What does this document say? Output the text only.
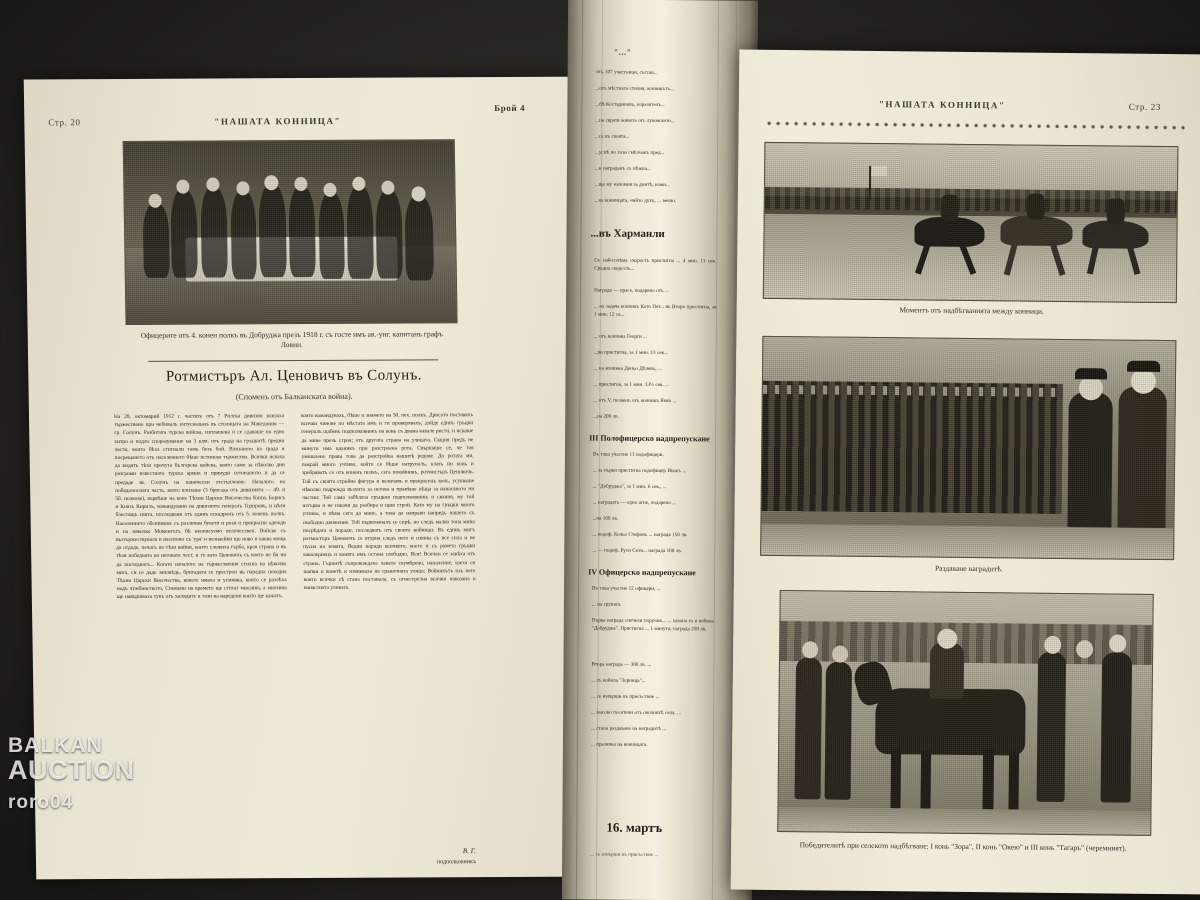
Стр. 20	"НАШАТА КОННИЦА"
Брой 4
Офицерите отъ 4. конен полкъ въ Добруджа презъ 1918 г. съ госте имъ ав.-унг. капитанъ графъ Ловин.
Ротмистъръ Ал. Ценовичъ въ Солунъ.
(Споменъ отъ Балканската война).
На 29. октомврий 1912 г. частите отъ 7 Рилска дивизия влизаха тържествено при небивалъ ентусиазъмъ въ столицата на Македония — гр. Солунъ. Разбитата турска войска, изплашена и се сдаваше по едно хитро и подло споразумение на 3 клм. отъ града на гръцкитѣ предни части, които бѣха стигнали тамъ безъ бой. Влизането на града и посрещането отъ населението бѣше истинско тържество. Всички искаха да видятъ тѣзи прочута българска войска, която само за нѣколко дни разгроми известната турска армия и принуди сетнешното и да се предаде въ Солунъ на панически отстъпление. Началото на победоносната часть, която влизаше (3 бригада отъ дивизията — 49. и 50. полкове), вървѣше на коне Тѣхни Царски Височества Князъ Борисъ и Князъ Кирилъ, командувани на дивизията генералъ Тодоровъ, и цѣли блестящъ свита, последвани отъ единъ ескадронъ отъ 5. коненъ полкъ. Населението обсипваше съ различни букети и рози и прекрасни одежди и на няколко Моментътъ бѣ неописуемо величествен. Войско съ възтържествувала и наситено съ 'ура' и незнаейки що ново и каква мощь да отдаде, печатъ на тѣзи войни, които сложиха гърба, края страна и въ тѣзи победната на неговата чест, и то като Ценовичъ съ която не би ни да погледнатъ... Когато началото на тържествения стихна на нѣколко мига, си се даде заповѣдь, бригадата се престрои въ парадна походна Тѣхни Царски Височества, конете имаха и усмивка, които се разлѣха подъ чужбинството, Спомени на времето ще стигат мнозина, а мнозина ще навършваха тукъ отъ хилядите и тази на наредени които ще кажатъ.
която командувахъ, бѣше и знамето на 50. пех. полкъ. Дрисото поставяхъ всички чинове по мѣстата имъ и ги проверявахъ; дойде единъ гръцки генералъ щабенъ подполковникъ на конь съ двама кавале ристи, и искаше да мине презъ строя; отъ другата страна на улицата. Скщия предъ не минути има вданикъ при разстроена рота. Свършаше се, че тоя умишлено прави това да разстройва нашитѣ редове. До ротата ми, покрай много учтиво, който се бѣше натрупалъ, клать ни конь и зробряватъ се отъ коненъ полкъ, сега покойникъ, ротмистъръ Ценовичъ. Той съ своята стройна фигура и величавъ и прекрасенъ конь, усукваше нѣколко подрежда възхита за негова и правѣше нѣща за нанасяното ни частни: Той само забѣляза гръцкия подполковникъ и сваиня, му той изтърва и не изкачи да разбира и щия строй. Като му на гръцки много учтиво, и нѣма сега да мине, а това да направи напредъ нашето съ свободно движение. Той първоначалъ се спрѣ, но следъ малко тона мина посрѣдата и поради, последвать отъ своите войници. Въ единъ мигъ ротмистъръ Ценовичъ се втурна следъ него и извика съ все сила и не пусна на земята, Ведни поради всичкото, което и съ рамета гръцки кавалериецъ и конята имъ остана свободно, Вси! Всички се завѣха отъ страна. Гърнитѣ съпровождаха ланета скумбрено, наиаление, взеха си шапки и конетѣ и извикваха на граничната улица; Войникътъ изъ него които всички сѣ стана постанала, съ огнестрелна всички наказана и нанастната уликата.
В. Г.
подполковникъ
"..."
отъ 107 участници, състав...
...отъ мѣстната стихия, конникътъ...
...бѣ Костадиновъ, изразителъ...
...на скратя живота отъ луковското...
...се въ своята...
...успѣ по този смѣлчакъ пред...
...и награденъ съ нѣжна...
...ще му напомня за днитѣ, изжи...
...на конницата, чийто духъ, ... вечно.
...въ Харманли
Съ най-голѣма скорость пристигна ... 4 мин. 11 сек. Средна скорость...
Награда — прасе, подарено отъ ...
... на задача конникъ Кото Пет... въ Второ пристигна, за 1 мин. 12 се...
... отъ конника Георги ...
...ри пристигна, за 1 мин. 13 сек...
... на конника Деньо Дѣлевъ; ...
... пристигна, за 1 мин. 13½ сек. ...
... отъ V, позвенъ отъ конникъ Янко ...
...на 200 лв.
III Полофицерско надпрепускане
Въ това участие 11 подофицери.
... за първи пристигна подофицер Иванъ ...
... "Добруджа", за 1 мин. 6 сек., ...
... наградата — едно агне, подарено ...
...на 100 лв.
... подоф. Кольо Стефовъ ... награда 150 лв.
... — подоф. Руси Соти... награда 100 лв.
IV Офицерско надпрепускане
Въ това участие 12 офицери, ...
... на групата.
Първа награда спечели поручик... ... хавана го и кобила "Добруджа". Пристигна ... 1 минута; награда 250 лв.
Втора награда — 300 лв. ...
... съ кобила "Зорница"...
... се извърши въ присъствие ...
... масово посетени отъ околнитѣ села. ...
... стана раздаване на наградитѣ ...
... празника на конницата.
16. мартъ
... се извърши въ присъствие ...
"НАШАТА КОННИЦА"	Стр. 23
Моментъ отъ надбѣгванията между конници.
Раздаване наградитѣ.
Победителитѣ при селското надбѣгване: I конь "Зора", II конь "Окею" и III конь "Тагаръ" (черемният).
BALKAN
AUCTION
roro04
